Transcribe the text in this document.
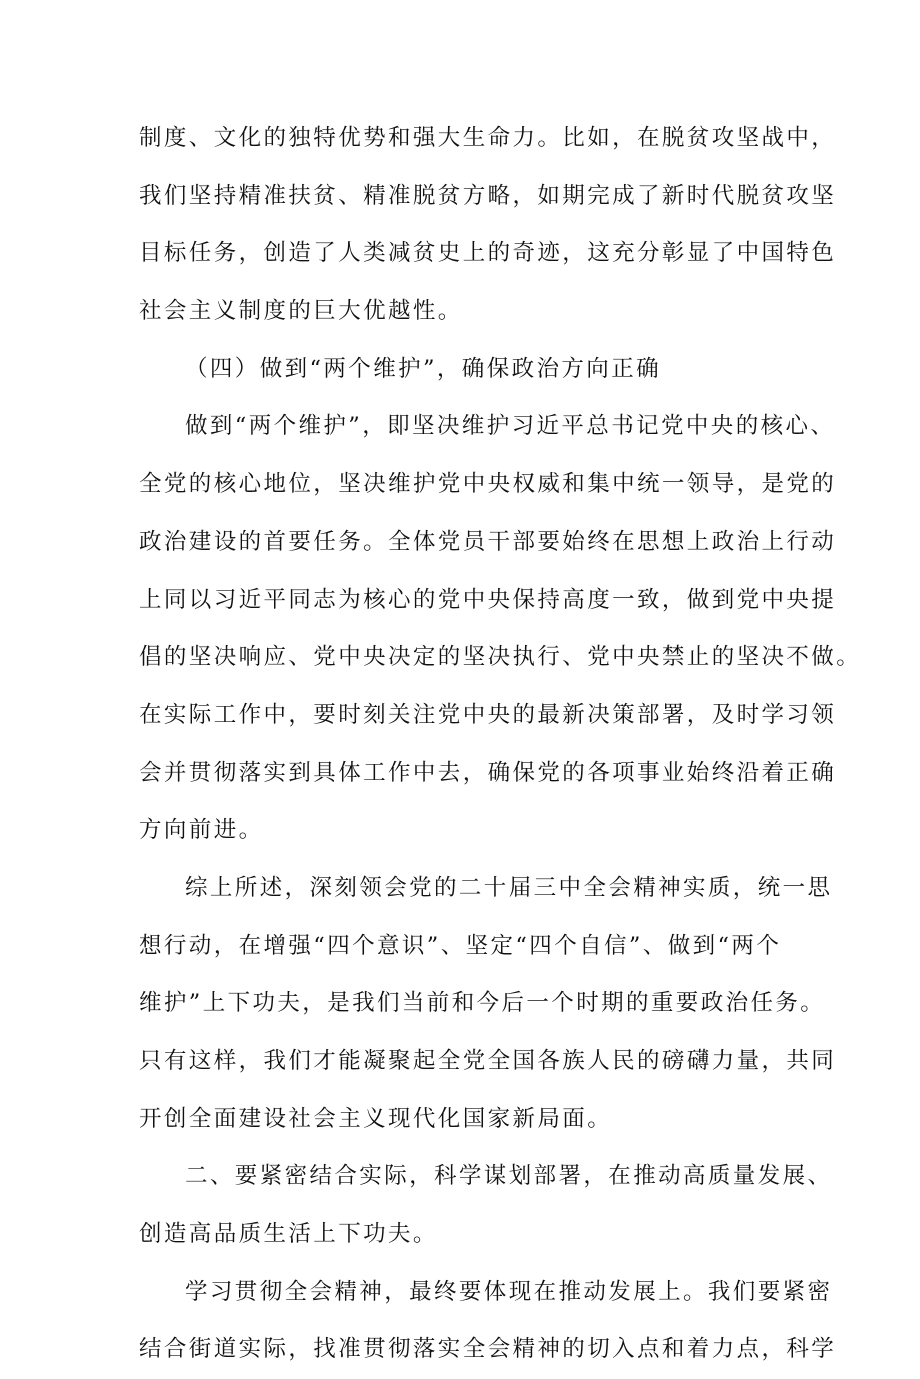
制度、文化的独特优势和强大生命力。比如，在脱贫攻坚战中，
我们坚持精准扶贫、精准脱贫方略，如期完成了新时代脱贫攻坚
目标任务，创造了人类减贫史上的奇迹，这充分彰显了中国特色
社会主义制度的巨大优越性。
（四）做到“两个维护”，确保政治方向正确
做到“两个维护”，即坚决维护习近平总书记党中央的核心、
全党的核心地位，坚决维护党中央权威和集中统一领导，是党的
政治建设的首要任务。全体党员干部要始终在思想上政治上行动
上同以习近平同志为核心的党中央保持高度一致，做到党中央提
倡的坚决响应、党中央决定的坚决执行、党中央禁止的坚决不做。
在实际工作中，要时刻关注党中央的最新决策部署，及时学习领
会并贯彻落实到具体工作中去，确保党的各项事业始终沿着正确
方向前进。
综上所述，深刻领会党的二十届三中全会精神实质，统一思
想行动，在增强“四个意识”、坚定“四个自信”、做到“两个
维护”上下功夫，是我们当前和今后一个时期的重要政治任务。
只有这样，我们才能凝聚起全党全国各族人民的磅礴力量，共同
开创全面建设社会主义现代化国家新局面。
二、要紧密结合实际，科学谋划部署，在推动高质量发展、
创造高品质生活上下功夫。
学习贯彻全会精神，最终要体现在推动发展上。我们要紧密
结合街道实际，找准贯彻落实全会精神的切入点和着力点，科学
